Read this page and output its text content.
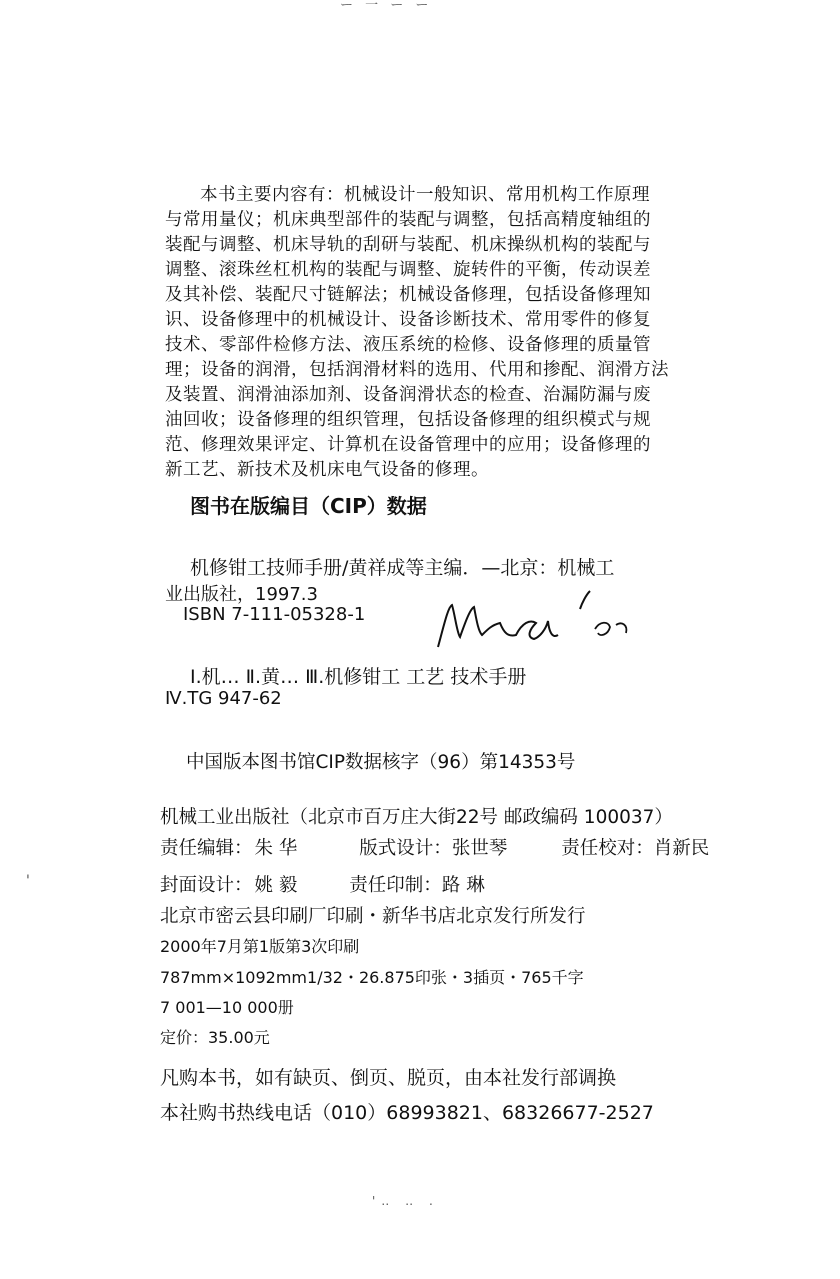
ー 一 ー ー
本书主要内容有：机械设计一般知识、常用机构工作原理
与常用量仪；机床典型部件的装配与调整，包括高精度轴组的
装配与调整、机床导轨的刮研与装配、机床操纵机构的装配与
调整、滚珠丝杠机构的装配与调整、旋转件的平衡，传动误差
及其补偿、装配尺寸链解法；机械设备修理，包括设备修理知
识、设备修理中的机械设计、设备诊断技术、常用零件的修复
技术、零部件检修方法、液压系统的检修、设备修理的质量管
理；设备的润滑，包括润滑材料的选用、代用和掺配、润滑方法
及装置、润滑油添加剂、设备润滑状态的检查、治漏防漏与废
油回收；设备修理的组织管理，包括设备修理的组织模式与规
范、修理效果评定、计算机在设备管理中的应用；设备修理的
新工艺、新技术及机床电气设备的修理。
图书在版编目（CIP）数据
机修钳工技师手册/黄祥成等主编．—北京：机械工
业出版社，1997.3
ISBN 7-111-05328-1
Ⅰ.机… Ⅱ.黄… Ⅲ.机修钳工 工艺 技术手册
Ⅳ.TG 947-62
中国版本图书馆CIP数据核字（96）第14353号
机械工业出版社（北京市百万庄大街22号 邮政编码 100037）
责任编辑： 朱 华	版式设计：张世琴	责任校对：肖新民
'	封面设计： 姚 毅	责任印制：路 琳
北京市密云县印刷厂印刷・新华书店北京发行所发行
2000年7月第1版第3次印刷
787mm×1092mm1/32・26.875印张・3插页・765千字
7 001—10 000册
定价：35.00元
凡购本书，如有缺页、倒页、脱页，由本社发行部调换
本社购书热线电话（010）68993821、68326677-2527
'‥ ‥ .
